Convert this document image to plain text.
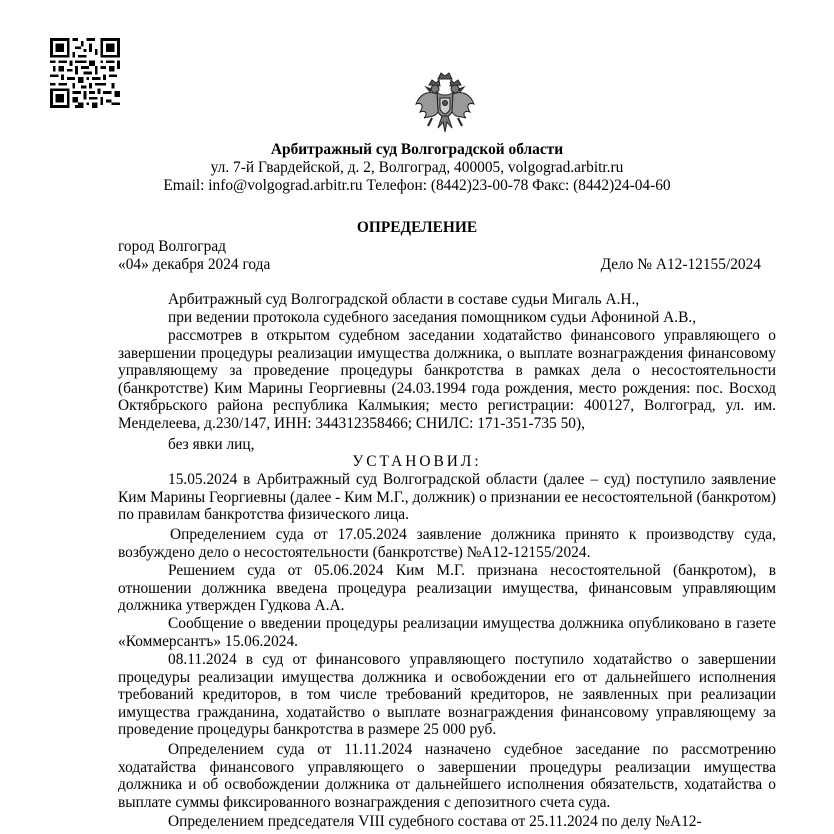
Арбитражный суд Волгоградской области
ул. 7-й Гвардейской, д. 2, Волгоград, 400005, volgograd.arbitr.ru
Email: info@volgograd.arbitr.ru Телефон: (8442)23-00-78 Факс: (8442)24-04-60
ОПРЕДЕЛЕНИЕ
город Волгоград
«04» декабря 2024 года	Дело № А12-12155/2024

Арбитражный суд Волгоградской области в составе судьи Мигаль А.Н.,

при ведении протокола судебного заседания помощником судьи Афониной А.В.,

рассмотрев в открытом судебном заседании ходатайство финансового управляющего о завершении процедуры реализации имущества должника, о выплате вознаграждения финансовому управляющему за проведение процедуры банкротства в рамках дела о несостоятельности (банкротстве) Ким Марины Георгиевны (24.03.1994 года рождения, место рождения: пос. Восход Октябрьского района республика Калмыкия; место регистрации: 400127, Волгоград, ул. им. Менделеева, д.230/147, ИНН: 344312358466; СНИЛС: 171-351-735 50),

без явки лиц,

УСТАНОВИЛ:

15.05.2024 в Арбитражный суд Волгоградской области (далее – суд) поступило заявление Ким Марины Георгиевны (далее - Ким М.Г., должник) о признании ее несостоятельной (банкротом) по правилам банкротства физического лица.

Определением суда от 17.05.2024 заявление должника принято к производству суда, возбуждено дело о несостоятельности (банкротстве) №А12-12155/2024.

Решением суда от 05.06.2024 Ким М.Г. признана несостоятельной (банкротом), в отношении должника введена процедура реализации имущества, финансовым управляющим должника утвержден Гудкова А.А.

Сообщение о введении процедуры реализации имущества должника опубликовано в газете «Коммерсантъ» 15.06.2024.

08.11.2024 в суд от финансового управляющего поступило ходатайство о завершении процедуры реализации имущества должника и освобождении его от дальнейшего исполнения требований кредиторов, в том числе требований кредиторов, не заявленных при реализации имущества гражданина, ходатайство о выплате вознаграждения финансовому управляющему за проведение процедуры банкротства в размере 25 000 руб.

Определением суда от 11.11.2024 назначено судебное заседание по рассмотрению ходатайства финансового управляющего о завершении процедуры реализации имущества должника и об освобождении должника от дальнейшего исполнения обязательств, ходатайства о выплате суммы фиксированного вознаграждения с депозитного счета суда.

Определением председателя VIII судебного состава от 25.11.2024 по делу №А12-
